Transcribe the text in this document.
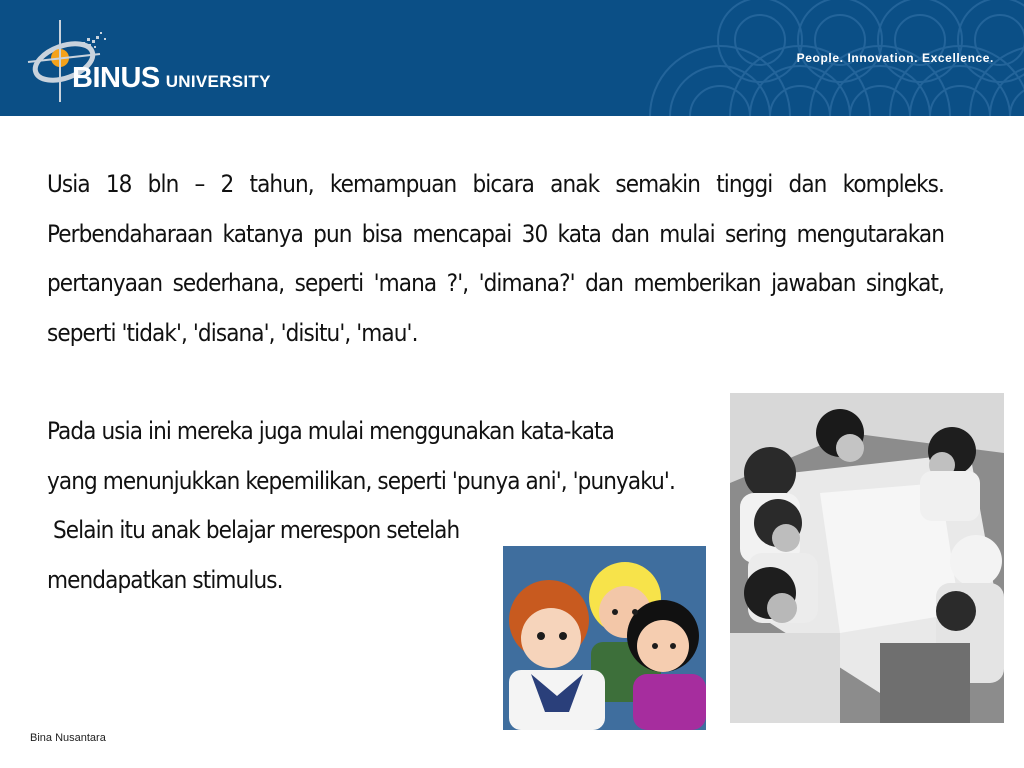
BINUS UNIVERSITY
People. Innovation. Excellence.

Usia 18 bln – 2 tahun, kemampuan bicara anak semakin tinggi dan kompleks. Perbendaharaan katanya pun bisa mencapai 30 kata dan mulai sering mengutarakan pertanyaan sederhana, seperti 'mana ?', 'dimana?' dan memberikan jawaban singkat, seperti 'tidak', 'disana', 'disitu', 'mau'.

Pada usia ini mereka juga mulai menggunakan kata-kata
yang menunjukkan kepemilikan, seperti 'punya ani', 'punyaku'.
Selain itu anak belajar merespon setelah
mendapatkan stimulus.

Bina Nusantara
